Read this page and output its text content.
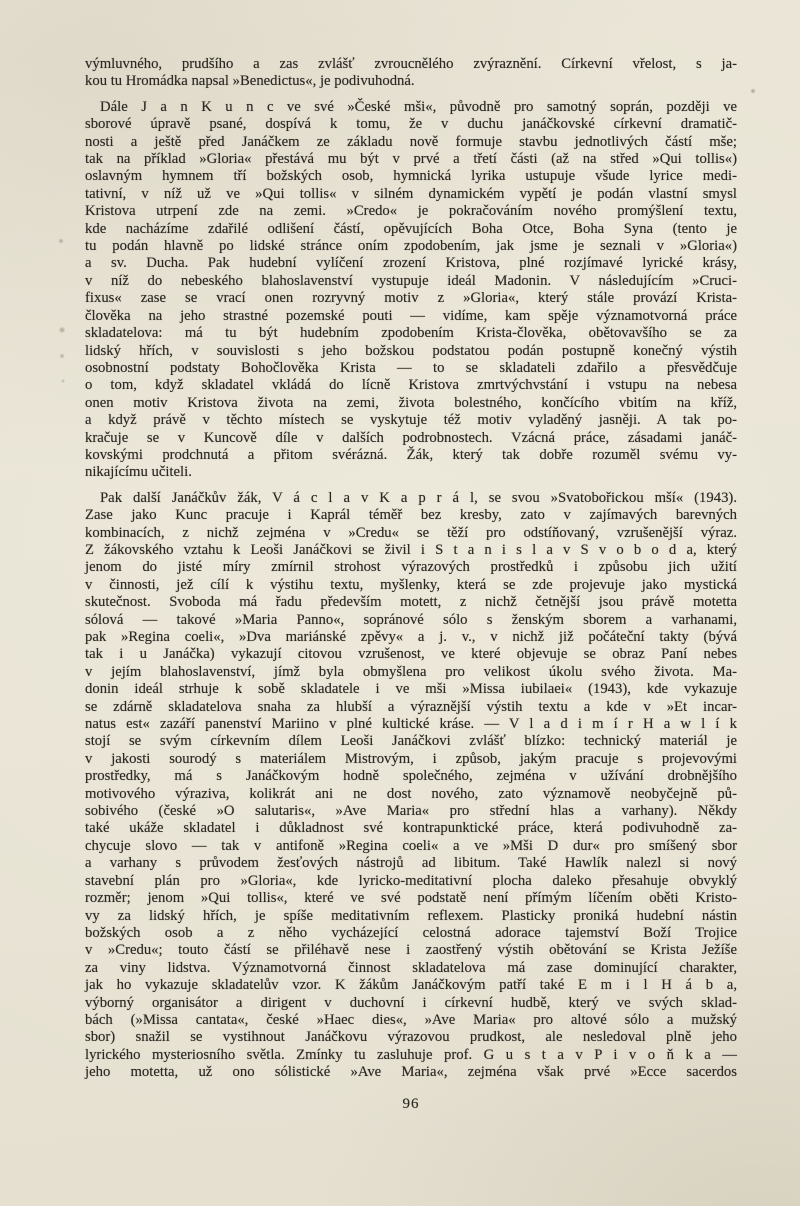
výmluvného, prudšího a zas zvlášť zvroucnělého zvýraznění. Církevní vřelost, s ja-
kou tu Hromádka napsal »Benedictus«, je podivuhodná.
Dále J a n K u n c ve své »České mši«, původně pro samotný soprán, později ve
sborové úpravě psané, dospívá k tomu, že v duchu janáčkovské církevní dramatič-
nosti a ještě před Janáčkem ze základu nově formuje stavbu jednotlivých částí mše;
tak na příklad »Gloria« přestává mu být v prvé a třetí části (až na střed »Qui tollis«)
oslavným hymnem tří božských osob, hymnická lyrika ustupuje všude lyrice medi-
tativní, v níž už ve »Qui tollis« v silném dynamickém vypětí je podán vlastní smysl
Kristova utrpení zde na zemi. »Credo« je pokračováním nového promýšlení textu,
kde nacházíme zdařilé odlišení částí, opěvujících Boha Otce, Boha Syna (tento je
tu podán hlavně po lidské stránce oním zpodobením, jak jsme je seznali v »Gloria«)
a sv. Ducha. Pak hudební vylíčení zrození Kristova, plné rozjímavé lyrické krásy,
v níž do nebeského blahoslavenství vystupuje ideál Madonin. V následujícím »Cruci-
fixus« zase se vrací onen rozryvný motiv z »Gloria«, který stále provází Krista-
člověka na jeho strastné pozemské pouti — vidíme, kam spěje významotvorná práce
skladatelova: má tu být hudebním zpodobením Krista-člověka, obětovavšího se za
lidský hřích, v souvislosti s jeho božskou podstatou podán postupně konečný výstih
osobnostní podstaty Bohočlověka Krista — to se skladateli zdařilo a přesvědčuje
o tom, když skladatel vkládá do lícně Kristova zmrtvýchvstání i vstupu na nebesa
onen motiv Kristova života na zemi, života bolestného, končícího vbitím na kříž,
a když právě v těchto místech se vyskytuje též motiv vyladěný jasněji. A tak po-
kračuje se v Kuncově díle v dalších podrobnostech. Vzácná práce, zásadami janáč-
kovskými prodchnutá a přitom svérázná. Žák, který tak dobře rozuměl svému vy-
nikajícímu učiteli.
Pak další Janáčkův žák, V á c l a v K a p r á l, se svou »Svatobořickou mší« (1943).
Zase jako Kunc pracuje i Kaprál téměř bez kresby, zato v zajímavých barevných
kombinacích, z nichž zejména v »Credu« se těží pro odstíňovaný, vzrušenější výraz.
Z žákovského vztahu k Leoši Janáčkovi se živil i S t a n i s l a v S v o b o d a, který
jenom do jisté míry zmírnil strohost výrazových prostředků i způsobu jich užití
v činnosti, jež cílí k výstihu textu, myšlenky, která se zde projevuje jako mystická
skutečnost. Svoboda má řadu především motett, z nichž četnější jsou právě motetta
sólová — takové »Maria Panno«, sopránové sólo s ženským sborem a varhanami,
pak »Regina coeli«, »Dva mariánské zpěvy« a j. v., v nichž již počáteční takty (bývá
tak i u Janáčka) vykazují citovou vzrušenost, ve které objevuje se obraz Paní nebes
v jejím blahoslavenství, jímž byla obmyšlena pro velikost úkolu svého života. Ma-
donin ideál strhuje k sobě skladatele i ve mši »Missa iubilaei« (1943), kde vykazuje
se zdárně skladatelova snaha za hlubší a výraznější výstih textu a kde v »Et incar-
natus est« zazáří panenství Mariino v plné kultické kráse. — V l a d i m í r H a w l í k
stojí se svým církevním dílem Leoši Janáčkovi zvlášť blízko: technický materiál je
v jakosti sourodý s materiálem Mistrovým, i způsob, jakým pracuje s projevovými
prostředky, má s Janáčkovým hodně společného, zejména v užívání drobnějšího
motivového výraziva, kolikrát ani ne dost nového, zato významově neobyčejně pů-
sobivého (české »O salutaris«, »Ave Maria« pro střední hlas a varhany). Někdy
také ukáže skladatel i důkladnost své kontrapunktické práce, která podivuhodně za-
chycuje slovo — tak v antifoně »Regina coeli« a ve »Mši D dur« pro smíšený sbor
a varhany s průvodem žesťových nástrojů ad libitum. Také Hawlík nalezl si nový
stavební plán pro »Gloria«, kde lyricko-meditativní plocha daleko přesahuje obvyklý
rozměr; jenom »Qui tollis«, které ve své podstatě není přímým líčením oběti Kristo-
vy za lidský hřích, je spíše meditativním reflexem. Plasticky proniká hudební nástin
božských osob a z něho vycházející celostná adorace tajemství Boží Trojice
v »Credu«; touto částí se přiléhavě nese i zaostřený výstih obětování se Krista Ježíše
za viny lidstva. Významotvorná činnost skladatelova má zase dominující charakter,
jak ho vykazuje skladatelův vzor. K žákům Janáčkovým patří také E m i l H á b a,
výborný organisátor a dirigent v duchovní i církevní hudbě, který ve svých sklad-
bách (»Missa cantata«, české »Haec dies«, »Ave Maria« pro altové sólo a mužský
sbor) snažil se vystihnout Janáčkovu výrazovou prudkost, ale nesledoval plně jeho
lyrického mysteriosního světla. Zmínky tu zasluhuje prof. G u s t a v P i v o ň k a —
jeho motetta, už ono sólistické »Ave Maria«, zejména však prvé »Ecce sacerdos
96
